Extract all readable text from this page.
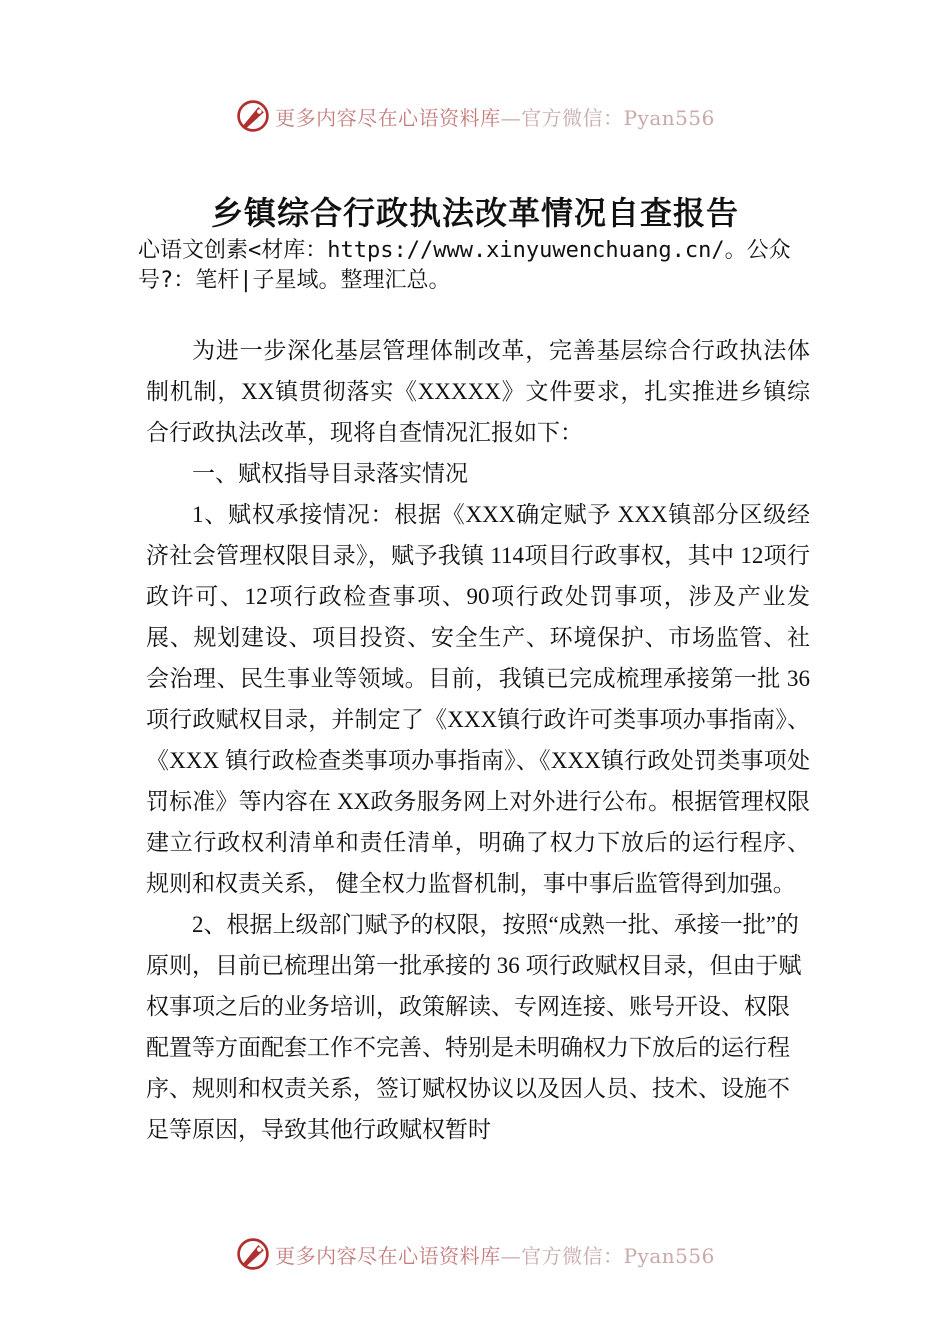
更多内容尽在心语资料库—官方微信：Pyan556
乡镇综合行政执法改革情况自查报告
心语文创素<材库：https://www.xinyuwenchuang.cn/。公众号?：笔杆|子星域。整理汇总。

为进一步深化基层管理体制改革，完善基层综合行政执法体制机制，XX镇贯彻落实《XXXXX》文件要求，扎实推进乡镇综合行政执法改革，现将自查情况汇报如下：

一、赋权指导目录落实情况

1、赋权承接情况：根据《XXX确定赋予 XXX镇部分区级经济社会管理权限目录》，赋予我镇 114项目行政事权，其中 12项行政许可、12项行政检查事项、90项行政处罚事项，涉及产业发展、规划建设、项目投资、安全生产、环境保护、市场监管、社会治理、民生事业等领域。目前，我镇已完成梳理承接第一批 36项行政赋权目录，并制定了《XXX镇行政许可类事项办事指南》、《XXX 镇行政检查类事项办事指南》、《XXX镇行政处罚类事项处罚标准》等内容在 XX政务服务网上对外进行公布。根据管理权限建立行政权利清单和责任清单，明确了权力下放后的运行程序、规则和权责关系， 健全权力监督机制，事中事后监管得到加强。

2、根据上级部门赋予的权限，按照“成熟一批、承接一批”的原则，目前已梳理出第一批承接的 36 项行政赋权目录，但由于赋权事项之后的业务培训，政策解读、专网连接、账号开设、权限配置等方面配套工作不完善、特别是未明确权力下放后的运行程序、规则和权责关系，签订赋权协议以及因人员、技术、设施不足等原因，导致其他行政赋权暂时

更多内容尽在心语资料库—官方微信：Pyan556
